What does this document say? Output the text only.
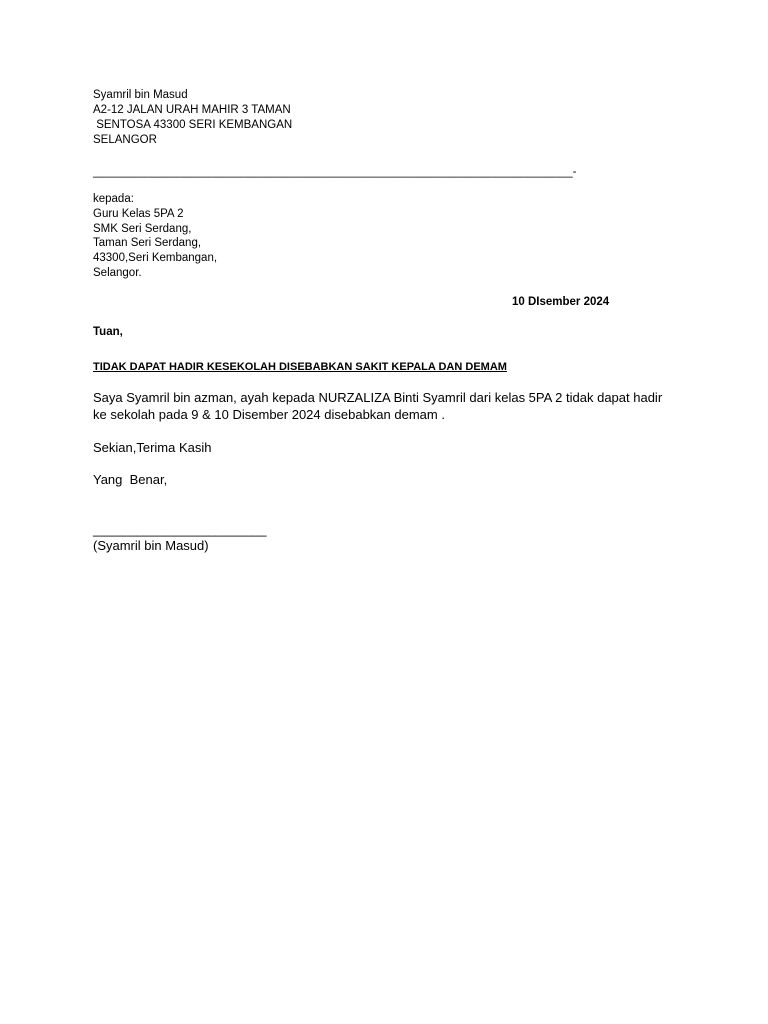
Syamril bin Masud
A2-12 JALAN URAH MAHIR 3 TAMAN
SENTOSA 43300 SERI KEMBANGAN
SELANGOR
___________________________________________________________________________-
kepada:
Guru Kelas 5PA 2
SMK Seri Serdang,
Taman Seri Serdang,
43300,Seri Kembangan,
Selangor.
10 DIsember 2024
Tuan,
TIDAK DAPAT HADIR KESEKOLAH DISEBABKAN SAKIT KEPALA DAN DEMAM
Saya Syamril bin azman, ayah kepada NURZALIZA Binti Syamril dari kelas 5PA 2 tidak dapat hadir ke sekolah pada 9 & 10 Disember 2024 disebabkan demam .
Sekian,Terima Kasih
Yang  Benar,
________________________
(Syamril bin Masud)
